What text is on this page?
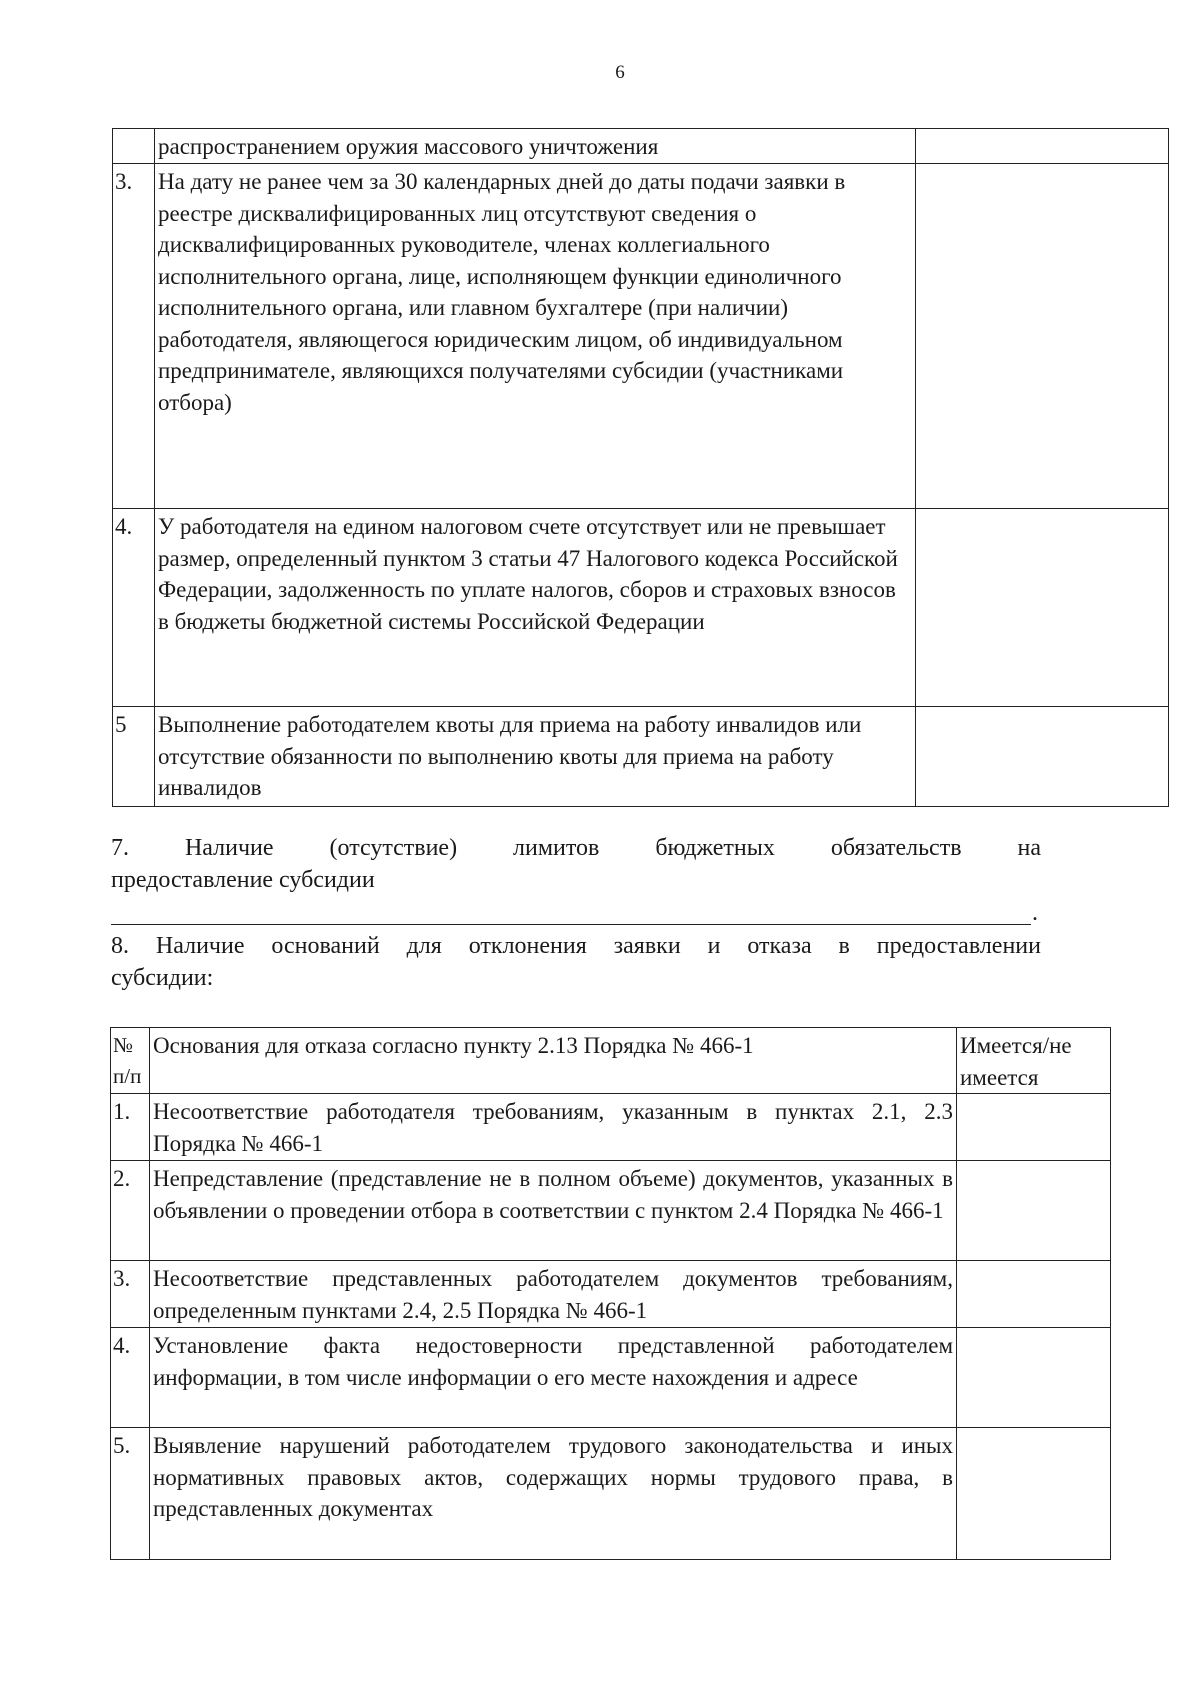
6
	распространением оружия массового уничтожения	
3.	На дату не ранее чем за 30 календарных дней до даты подачи заявки в реестре дисквалифицированных лиц отсутствуют сведения о дисквалифицированных руководителе, членах коллегиального исполнительного органа, лице, исполняющем функции единоличного исполнительного органа, или главном бухгалтере (при наличии) работодателя, являющегося юридическим лицом, об индивидуальном предпринимателе, являющихся получателями субсидии (участниками отбора)	
4.	У работодателя на едином налоговом счете отсутствует или не превышает размер, определенный пунктом 3 статьи 47 Налогового кодекса Российской Федерации, задолженность по уплате налогов, сборов и страховых взносов в бюджеты бюджетной системы Российской Федерации	
5	Выполнение работодателем квоты для приема на работу инвалидов или отсутствие обязанности по выполнению квоты для приема на работу инвалидов	
7. Наличие (отсутствие) лимитов бюджетных обязательств на
предоставление субсидии
.
8. Наличие оснований для отклонения заявки и отказа в предоставлении
субсидии:
№ п/п	Основания для отказа согласно пункту 2.13 Порядка № 466-1	Имеется/не имеется
1.	Несоответствие работодателя требованиям, указанным в пунктах 2.1, 2.3 Порядка № 466-1	
2.	Непредставление (представление не в полном объеме) документов, указанных в объявлении о проведении отбора в соответствии с пунктом 2.4 Порядка № 466-1	
3.	Несоответствие представленных работодателем документов требованиям, определенным пунктами 2.4, 2.5 Порядка № 466-1	
4.	Установление факта недостоверности представленной работодателем информации, в том числе информации о его месте нахождения и адресе	
5.	Выявление нарушений работодателем трудового законодательства и иных нормативных правовых актов, содержащих нормы трудового права, в представленных документах	
